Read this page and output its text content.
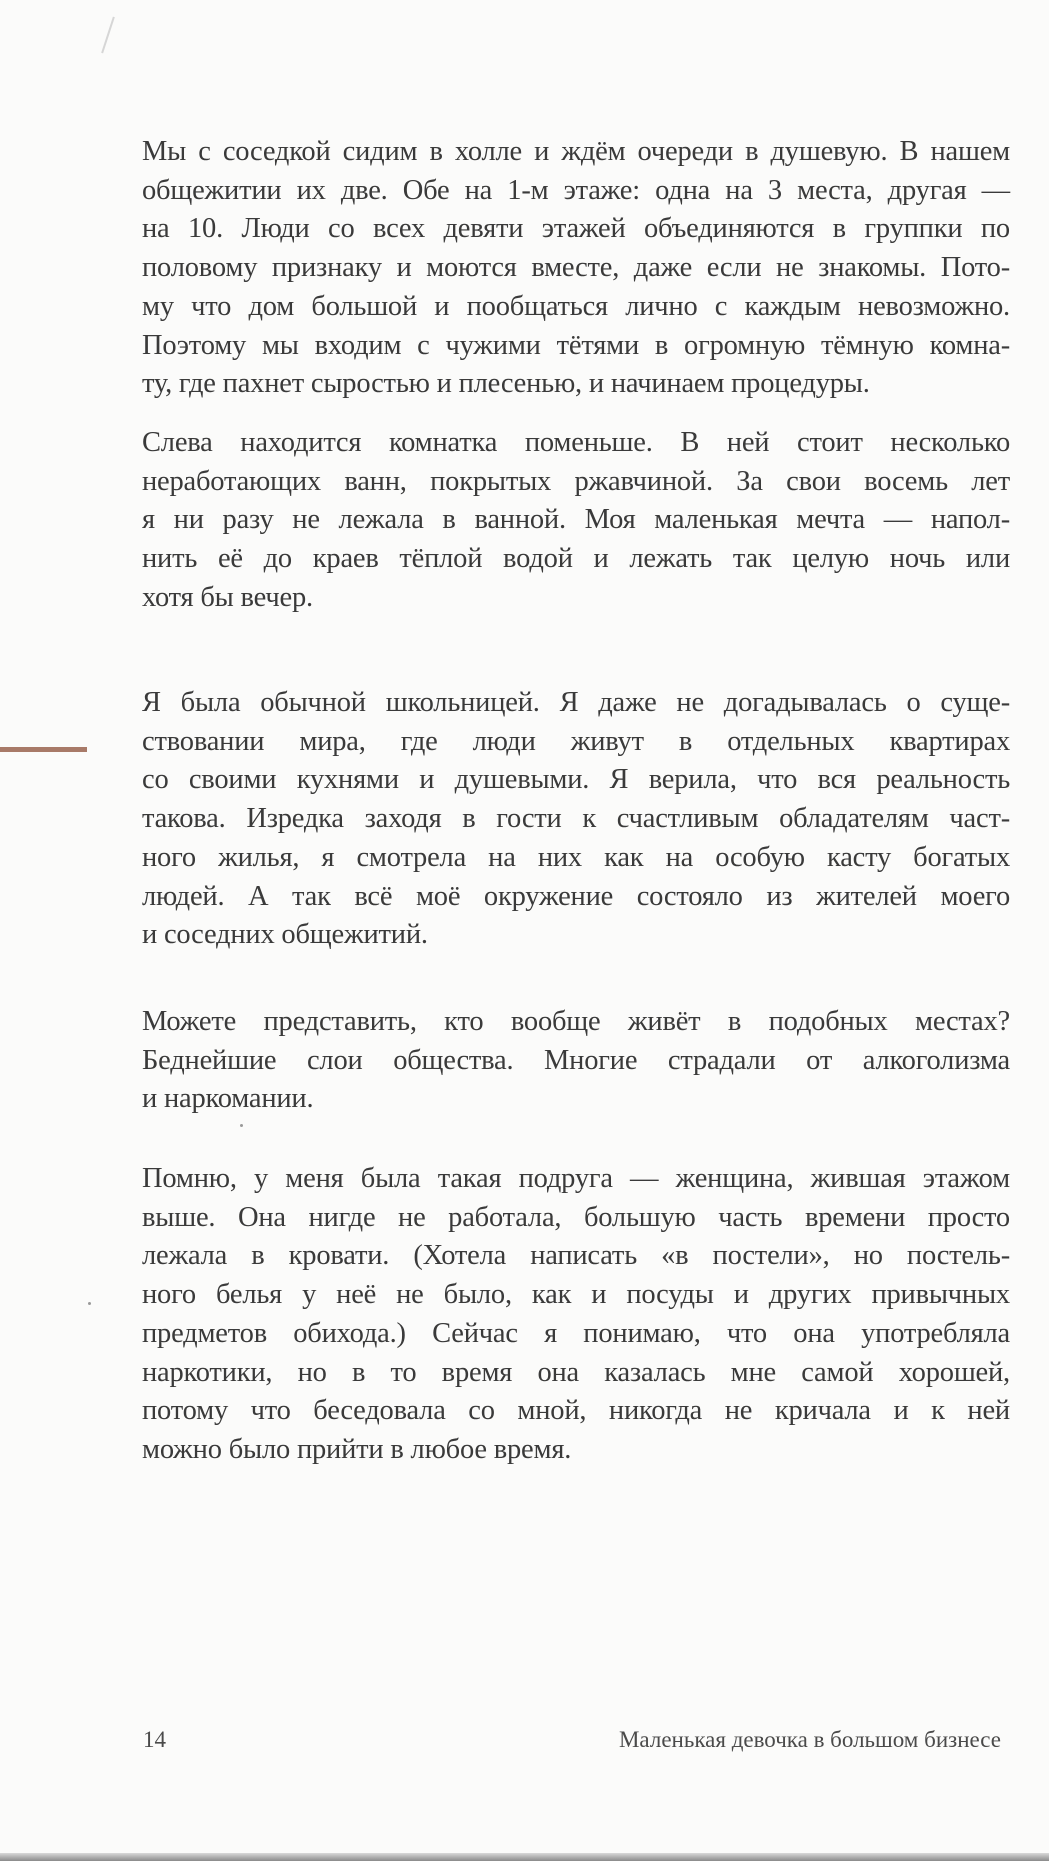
Мы с соседкой сидим в холле и ждём очереди в душевую. В нашем
общежитии их две. Обе на 1-м этаже: одна на 3 места, другая —
на 10. Люди со всех девяти этажей объединяются в группки по
половому признаку и моются вместе, даже если не знакомы. Пото-
му что дом большой и пообщаться лично с каждым невозможно.
Поэтому мы входим с чужими тётями в огромную тёмную комна-
ту, где пахнет сыростью и плесенью, и начинаем процедуры.
Слева находится комнатка поменьше. В ней стоит несколько
неработающих ванн, покрытых ржавчиной. За свои восемь лет
я ни разу не лежала в ванной. Моя маленькая мечта — напол-
нить её до краев тёплой водой и лежать так целую ночь или
хотя бы вечер.
Я была обычной школьницей. Я даже не догадывалась о суще-
ствовании мира, где люди живут в отдельных квартирах
со своими кухнями и душевыми. Я верила, что вся реальность
такова. Изредка заходя в гости к счастливым обладателям част-
ного жилья, я смотрела на них как на особую касту богатых
людей. А так всё моё окружение состояло из жителей моего
и соседних общежитий.
Можете представить, кто вообще живёт в подобных местах?
Беднейшие слои общества. Многие страдали от алкоголизма
и наркомании.
Помню, у меня была такая подруга — женщина, жившая этажом
выше. Она нигде не работала, большую часть времени просто
лежала в кровати. (Хотела написать «в постели», но постель-
ного белья у неё не было, как и посуды и других привычных
предметов обихода.) Сейчас я понимаю, что она употребляла
наркотики, но в то время она казалась мне самой хорошей,
потому что беседовала со мной, никогда не кричала и к ней
можно было прийти в любое время.
14	Маленькая девочка в большом бизнесе
